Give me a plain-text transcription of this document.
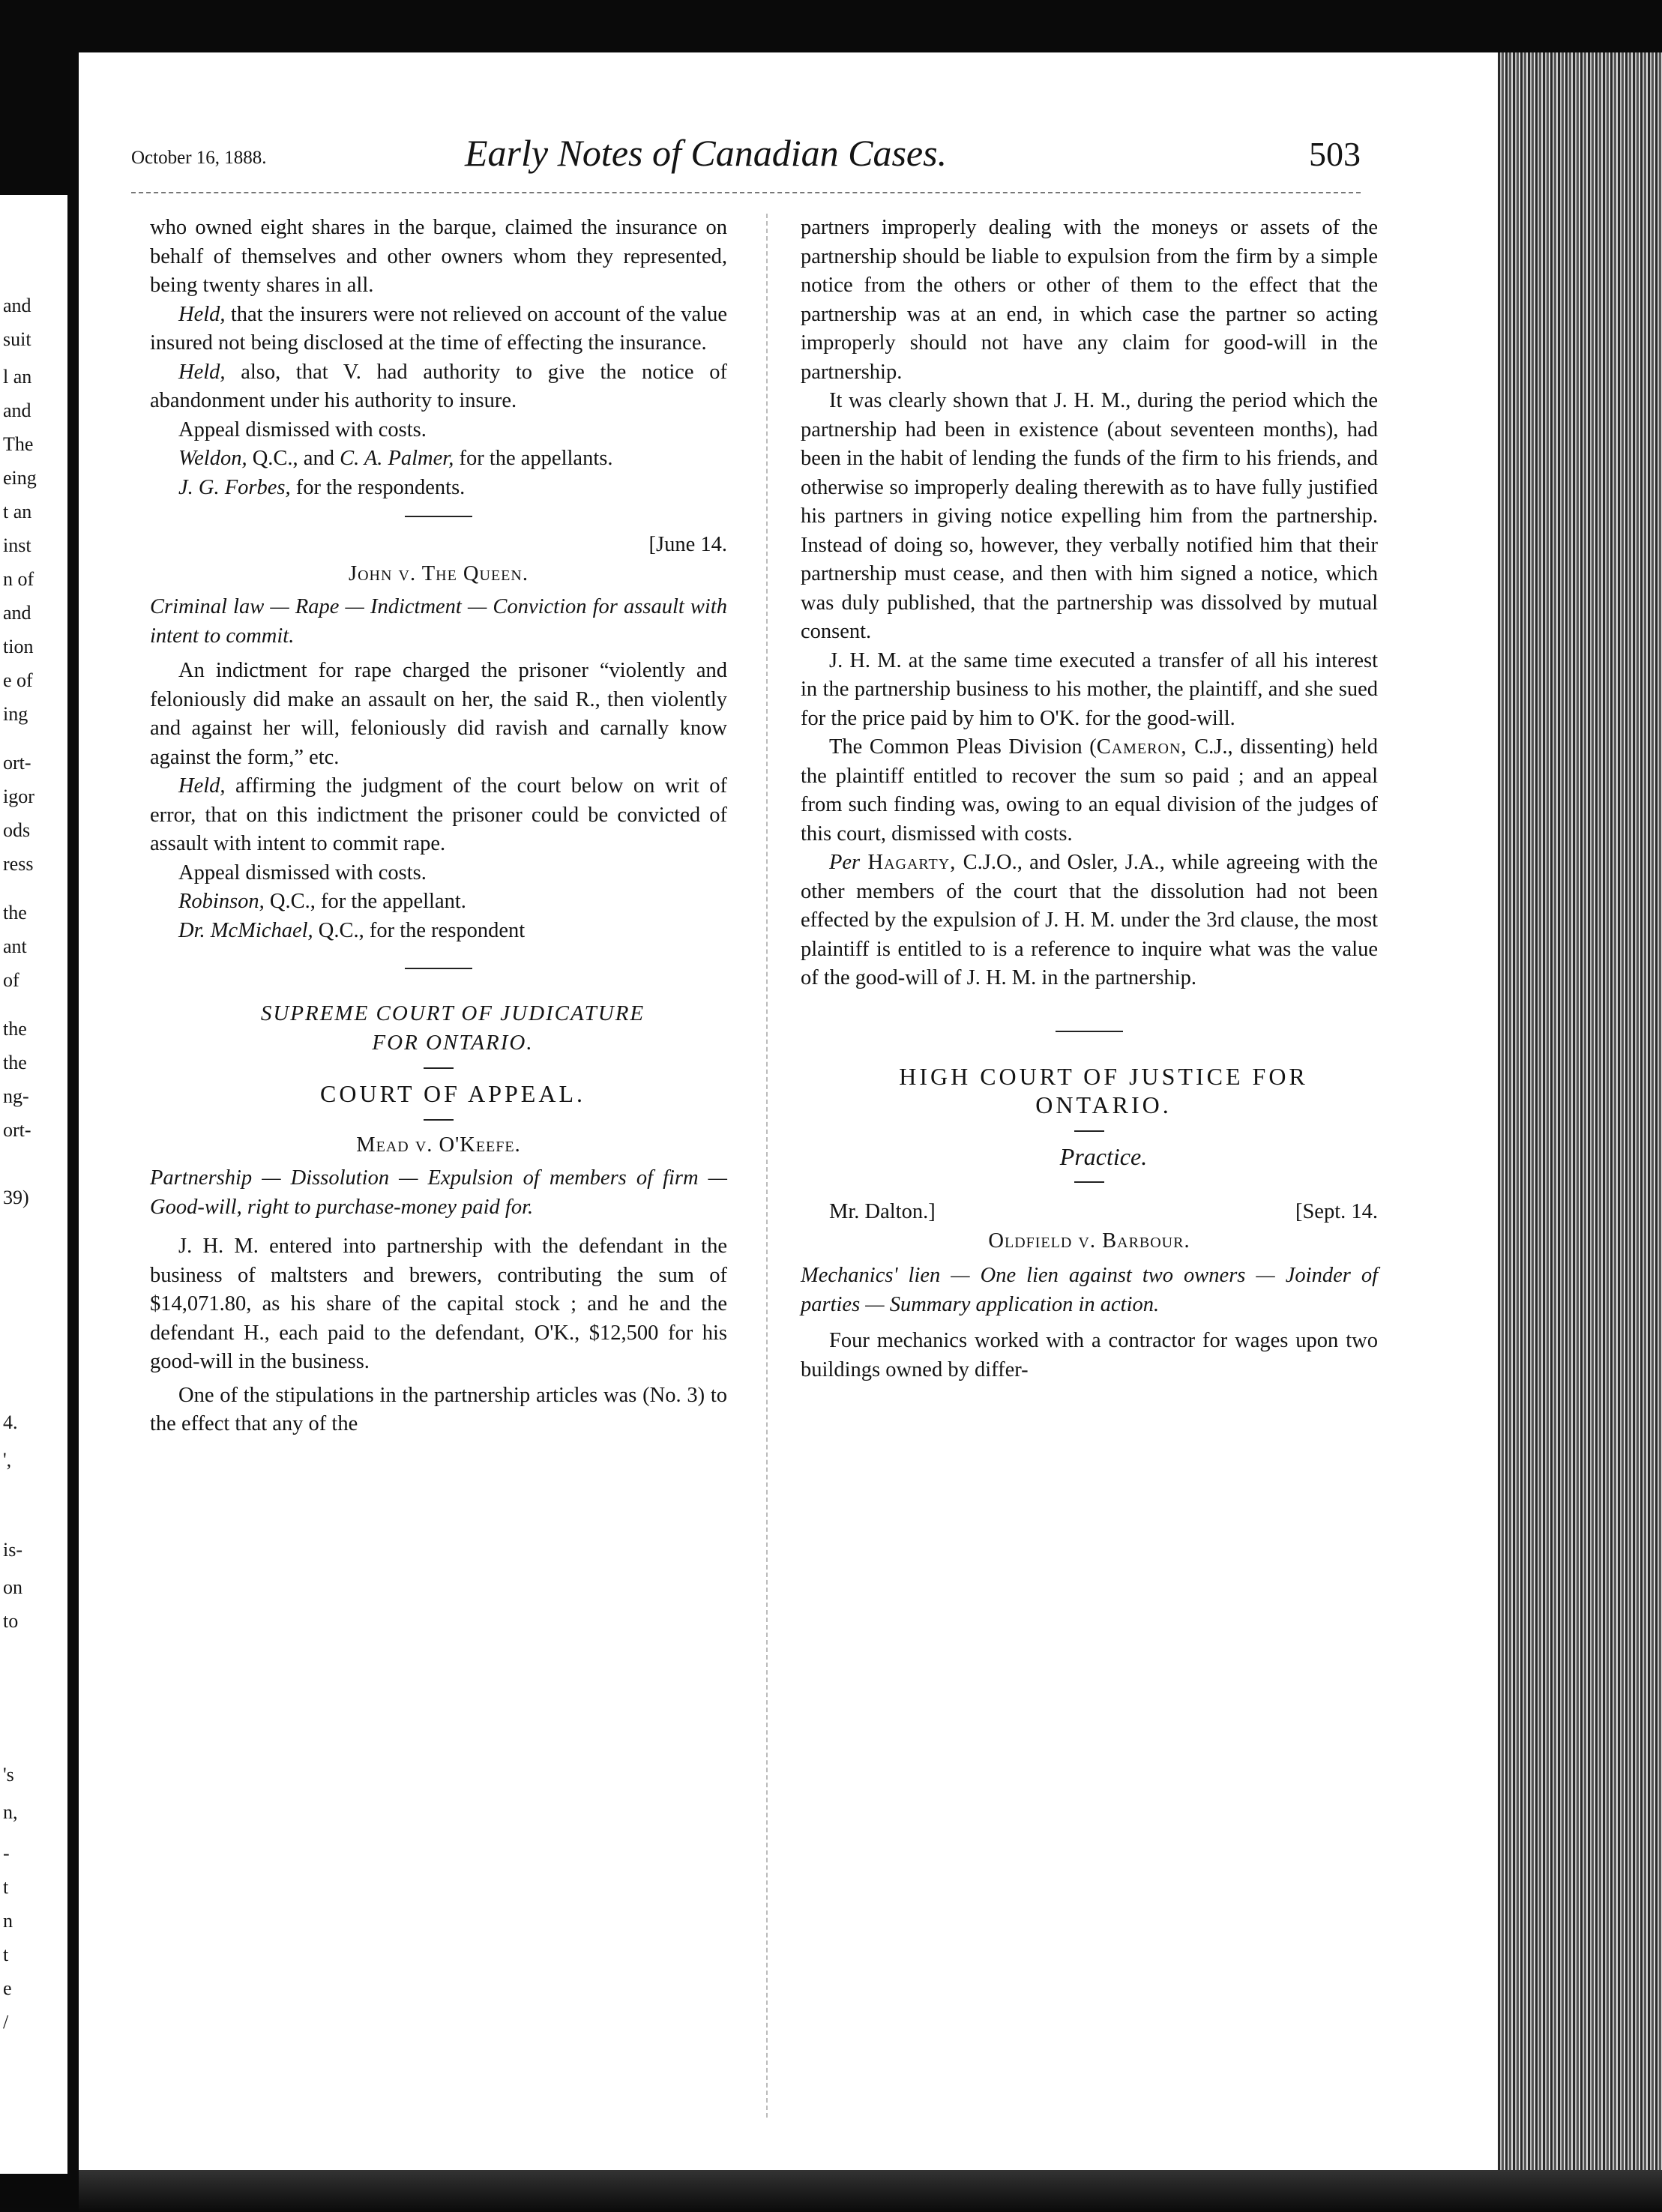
and
suit
l an
and
The
eing
t an
inst
n of
and
tion
e of
ing
ort-
igor
ods
ress
the
ant
of
the
the
ng-
ort-
39)
4.
',
is-
on
to
's
n,
-
t
n
t
e
/
October 16, 1888.	Early Notes of Canadian Cases.	503

who owned eight shares in the barque, claimed the insurance on behalf of themselves and other owners whom they represented, being twenty shares in all.

Held, that the insurers were not relieved on account of the value insured not being disclosed at the time of effecting the insurance.

Held, also, that V. had authority to give the notice of abandonment under his authority to insure.

Appeal dismissed with costs.

Weldon, Q.C., and C. A. Palmer, for the appellants.

J. G. Forbes, for the respondents.

[June 14.

John v. The Queen.

Criminal law — Rape — Indictment — Conviction for assault with intent to commit.

An indictment for rape charged the prisoner “violently and feloniously did make an assault on her, the said R., then violently and against her will, feloniously did ravish and carnally know against the form,” etc.

Held, affirming the judgment of the court below on writ of error, that on this indictment the prisoner could be convicted of assault with intent to commit rape.

Appeal dismissed with costs.

Robinson, Q.C., for the appellant.

Dr. McMichael, Q.C., for the respondent

SUPREME COURT OF JUDICATURE

FOR ONTARIO.

COURT OF APPEAL.

Mead v. O'Keefe.

Partnership — Dissolution — Expulsion of members of firm — Good-will, right to purchase-money paid for.

J. H. M. entered into partnership with the defendant in the business of maltsters and brewers, contributing the sum of $14,071.80, as his share of the capital stock ; and he and the defendant H., each paid to the defendant, O'K., $12,500 for his good-will in the business.

One of the stipulations in the partnership articles was (No. 3) to the effect that any of the

partners improperly dealing with the moneys or assets of the partnership should be liable to expulsion from the firm by a simple notice from the others or other of them to the effect that the partnership was at an end, in which case the partner so acting improperly should not have any claim for good-will in the partnership.

It was clearly shown that J. H. M., during the period which the partnership had been in existence (about seventeen months), had been in the habit of lending the funds of the firm to his friends, and otherwise so improperly dealing therewith as to have fully justified his partners in giving notice expelling him from the partnership. Instead of doing so, however, they verbally notified him that their partnership must cease, and then with him signed a notice, which was duly published, that the partnership was dissolved by mutual consent.

J. H. M. at the same time executed a transfer of all his interest in the partnership business to his mother, the plaintiff, and she sued for the price paid by him to O'K. for the good-will.

The Common Pleas Division (Cameron, C.J., dissenting) held the plaintiff entitled to recover the sum so paid ; and an appeal from such finding was, owing to an equal division of the judges of this court, dismissed with costs.

Per Hagarty, C.J.O., and Osler, J.A., while agreeing with the other members of the court that the dissolution had not been effected by the expulsion of J. H. M. under the 3rd clause, the most plaintiff is entitled to is a reference to inquire what was the value of the good-will of J. H. M. in the partnership.

HIGH COURT OF JUSTICE FOR

ONTARIO.

Practice.

Mr. Dalton.]	[Sept. 14.

Oldfield v. Barbour.

Mechanics' lien — One lien against two owners — Joinder of parties — Summary application in action.

Four mechanics worked with a contractor for wages upon two buildings owned by differ-
